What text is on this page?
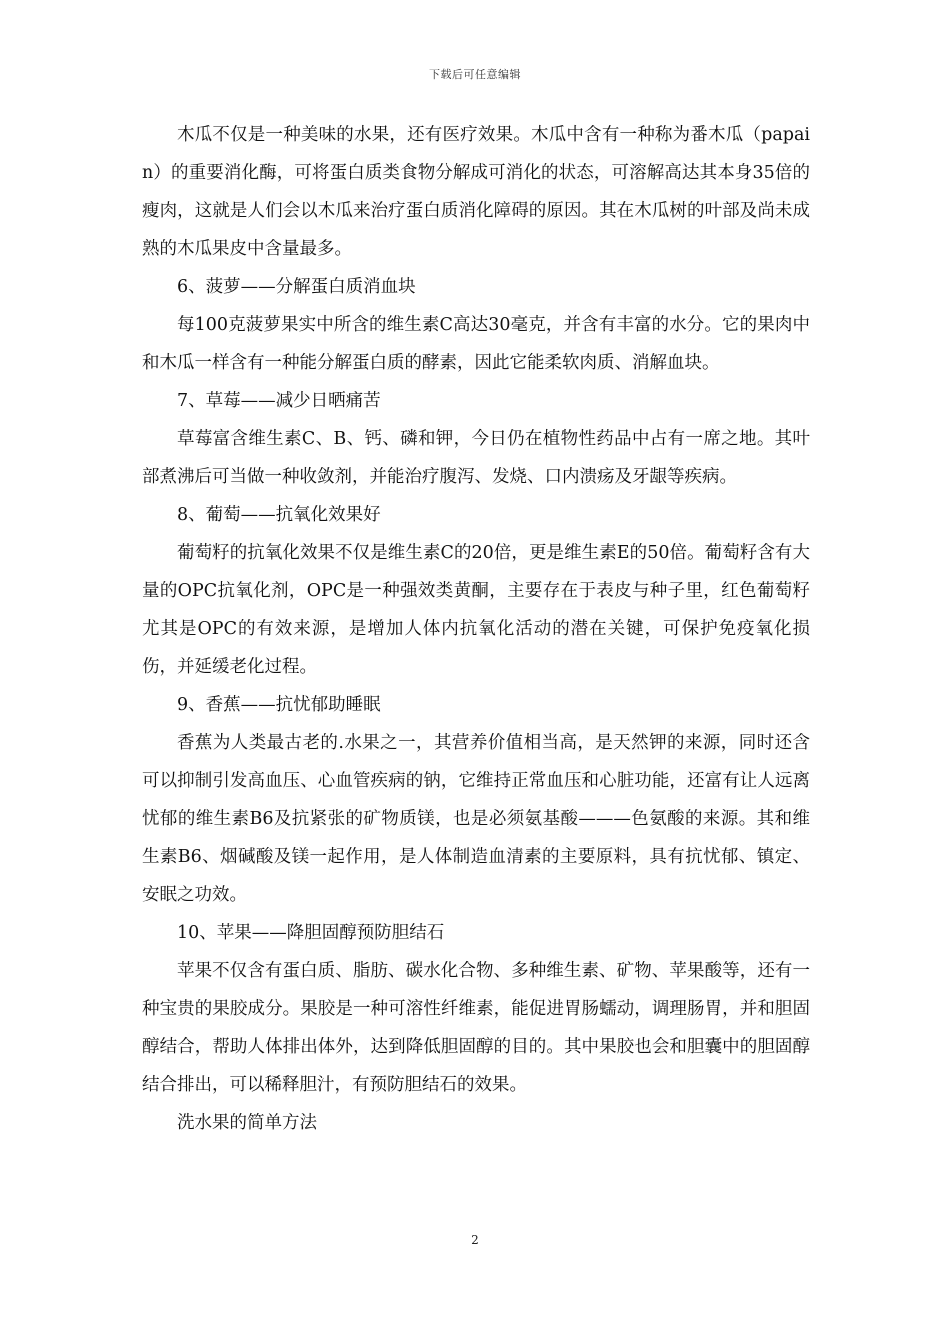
下载后可任意编辑

木瓜不仅是一种美味的水果，还有医疗效果。木瓜中含有一种称为番木瓜（papain）的重要消化酶，可将蛋白质类食物分解成可消化的状态，可溶解高达其本身35倍的瘦肉，这就是人们会以木瓜来治疗蛋白质消化障碍的原因。其在木瓜树的叶部及尚未成熟的木瓜果皮中含量最多。

6、菠萝——分解蛋白质消血块

每100克菠萝果实中所含的维生素C高达30毫克，并含有丰富的水分。它的果肉中和木瓜一样含有一种能分解蛋白质的酵素，因此它能柔软肉质、消解血块。

7、草莓——减少日晒痛苦

草莓富含维生素C、B、钙、磷和钾，今日仍在植物性药品中占有一席之地。其叶部煮沸后可当做一种收敛剂，并能治疗腹泻、发烧、口内溃疡及牙龈等疾病。

8、葡萄——抗氧化效果好

葡萄籽的抗氧化效果不仅是维生素C的20倍，更是维生素E的50倍。葡萄籽含有大量的OPC抗氧化剂，OPC是一种强效类黄酮，主要存在于表皮与种子里，红色葡萄籽尤其是OPC的有效来源，是增加人体内抗氧化活动的潜在关键，可保护免疫氧化损伤，并延缓老化过程。

9、香蕉——抗忧郁助睡眠

香蕉为人类最古老的.水果之一，其营养价值相当高，是天然钾的来源，同时还含可以抑制引发高血压、心血管疾病的钠，它维持正常血压和心脏功能，还富有让人远离忧郁的维生素B6及抗紧张的矿物质镁，也是必须氨基酸———色氨酸的来源。其和维生素B6、烟碱酸及镁一起作用，是人体制造血清素的主要原料，具有抗忧郁、镇定、安眠之功效。

10、苹果——降胆固醇预防胆结石

苹果不仅含有蛋白质、脂肪、碳水化合物、多种维生素、矿物、苹果酸等，还有一种宝贵的果胶成分。果胶是一种可溶性纤维素，能促进胃肠蠕动，调理肠胃，并和胆固醇结合，帮助人体排出体外，达到降低胆固醇的目的。其中果胶也会和胆囊中的胆固醇结合排出，可以稀释胆汁，有预防胆结石的效果。

洗水果的简单方法

2
